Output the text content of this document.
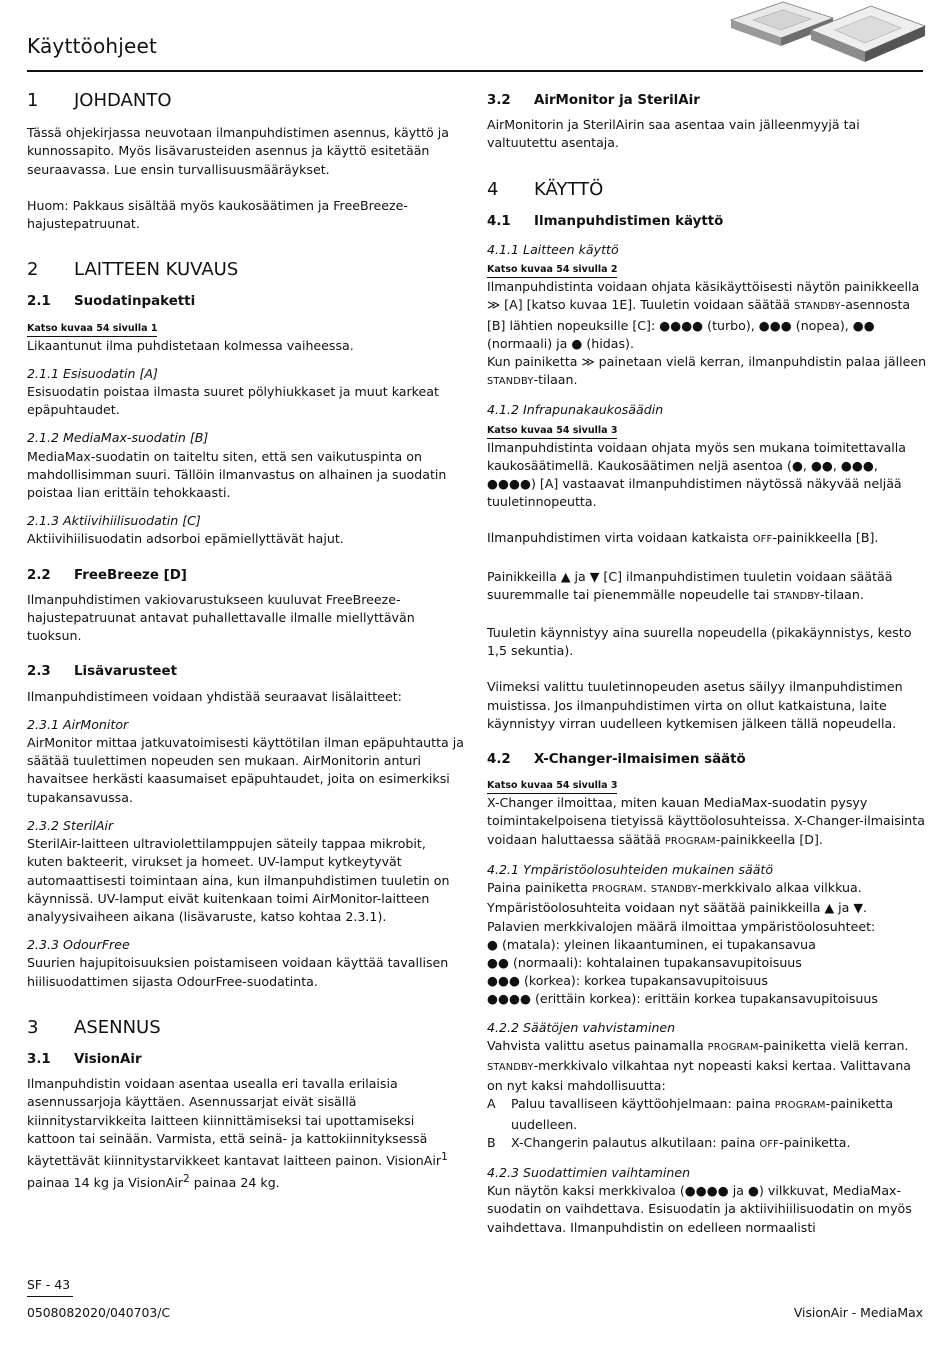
Käyttöohjeet
1	JOHDANTO

Tässä ohjekirjassa neuvotaan ilmanpuhdistimen asennus, käyttö ja kunnossapito. Myös lisävarusteiden asennus ja käyttö esitetään seuraavassa. Lue ensin turvallisuusmääräykset.

Huom: Pakkaus sisältää myös kaukosäätimen ja FreeBreeze-hajustepatruunat.

2	LAITTEEN KUVAUS
2.1	Suodatinpaketti
Katso kuvaa 54 sivulla 1

Likaantunut ilma puhdistetaan kolmessa vaiheessa.

2.1.1 Esisuodatin [A]

Esisuodatin poistaa ilmasta suuret pölyhiukkaset ja muut karkeat epäpuhtaudet.

2.1.2 MediaMax-suodatin [B]

MediaMax-suodatin on taiteltu siten, että sen vaikutuspinta on mahdollisimman suuri. Tällöin ilmanvastus on alhainen ja suodatin poistaa lian erittäin tehokkaasti.

2.1.3 Aktiivihiilisuodatin [C]

Aktiivihiilisuodatin adsorboi epämiellyttävät hajut.

2.2	FreeBreeze [D]

Ilmanpuhdistimen vakiovarustukseen kuuluvat FreeBreeze-hajustepatruunat antavat puhallettavalle ilmalle miellyttävän tuoksun.

2.3	Lisävarusteet

Ilmanpuhdistimeen voidaan yhdistää seuraavat lisälaitteet:

2.3.1 AirMonitor

AirMonitor mittaa jatkuvatoimisesti käyttötilan ilman epäpuhtautta ja säätää tuulettimen nopeuden sen mukaan. AirMonitorin anturi havaitsee herkästi kaasumaiset epäpuhtaudet, joita on esimerkiksi tupakansavussa.

2.3.2 SterilAir

SterilAir-laitteen ultraviolettilamppujen säteily tappaa mikrobit, kuten bakteerit, virukset ja homeet. UV-lamput kytkeytyvät automaattisesti toimintaan aina, kun ilmanpuhdistimen tuuletin on käynnissä. UV-lamput eivät kuitenkaan toimi AirMonitor-laitteen analyysivaiheen aikana (lisävaruste, katso kohtaa 2.3.1).

2.3.3 OdourFree

Suurien hajupitoisuuksien poistamiseen voidaan käyttää tavallisen hiilisuodattimen sijasta OdourFree-suodatinta.

3	ASENNUS
3.1	VisionAir

Ilmanpuhdistin voidaan asentaa usealla eri tavalla erilaisia asennussarjoja käyttäen. Asennussarjat eivät sisällä kiinnitystarvikkeita laitteen kiinnittämiseksi tai upottamiseksi kattoon tai seinään. Varmista, että seinä- ja kattokiinnityksessä käytettävät kiinnitystarvikkeet kantavat laitteen painon. VisionAir$^1$ painaa 14 kg ja VisionAir$^2$ painaa 24 kg.

3.2	AirMonitor ja SterilAir

AirMonitorin ja SterilAirin saa asentaa vain jälleenmyyjä tai valtuutettu asentaja.

4	KÄYTTÖ
4.1	Ilmanpuhdistimen käyttö

4.1.1 Laitteen käyttö

Katso kuvaa 54 sivulla 2

Ilmanpuhdistinta voidaan ohjata käsikäyttöisesti näytön painikkeella ≫ [A] [katso kuvaa 1E]. Tuuletin voidaan säätää STANDBY-asennosta [B] lähtien nopeuksille [C]: ●●●● (turbo), ●●● (nopea), ●● (normaali) ja ● (hidas).

Kun painiketta ≫ painetaan vielä kerran, ilmanpuhdistin palaa jälleen STANDBY-tilaan.

4.1.2 Infrapunakaukosäädin

Katso kuvaa 54 sivulla 3

Ilmanpuhdistinta voidaan ohjata myös sen mukana toimitettavalla kaukosäätimellä. Kaukosäätimen neljä asentoa (●, ●●, ●●●, ●●●●) [A] vastaavat ilmanpuhdistimen näytössä näkyvää neljää tuuletinnopeutta.

Ilmanpuhdistimen virta voidaan katkaista OFF-painikkeella [B].

Painikkeilla ▲ ja ▼ [C] ilmanpuhdistimen tuuletin voidaan säätää suuremmalle tai pienemmälle nopeudelle tai STANDBY-tilaan.

Tuuletin käynnistyy aina suurella nopeudella (pikakäynnistys, kesto 1,5 sekuntia).

Viimeksi valittu tuuletinnopeuden asetus säilyy ilmanpuhdistimen muistissa. Jos ilmanpuhdistimen virta on ollut katkaistuna, laite käynnistyy virran uudelleen kytkemisen jälkeen tällä nopeudella.

4.2	X-Changer-ilmaisimen säätö
Katso kuvaa 54 sivulla 3

X-Changer ilmoittaa, miten kauan MediaMax-suodatin pysyy toimintakelpoisena tietyissä käyttöolosuhteissa. X-Changer-ilmaisinta voidaan haluttaessa säätää PROGRAM-painikkeella [D].

4.2.1 Ympäristöolosuhteiden mukainen säätö

Paina painiketta PROGRAM. STANDBY-merkkivalo alkaa vilkkua.

Ympäristöolosuhteita voidaan nyt säätää painikkeilla ▲ ja ▼.

Palavien merkkivalojen määrä ilmoittaa ympäristöolosuhteet:

● (matala): yleinen likaantuminen, ei tupakansavua

●● (normaali): kohtalainen tupakansavupitoisuus

●●● (korkea): korkea tupakansavupitoisuus

●●●● (erittäin korkea): erittäin korkea tupakansavupitoisuus

4.2.2 Säätöjen vahvistaminen

Vahvista valittu asetus painamalla PROGRAM-painiketta vielä kerran. STANDBY-merkkivalo vilkahtaa nyt nopeasti kaksi kertaa. Valittavana on nyt kaksi mahdollisuutta:

A	Paluu tavalliseen käyttöohjelmaan: paina PROGRAM-painiketta uudelleen.
B	X-Changerin palautus alkutilaan: paina OFF-painiketta.

4.2.3 Suodattimien vaihtaminen

Kun näytön kaksi merkkivaloa (●●●● ja ●) vilkkuvat, MediaMax-suodatin on vaihdettava. Esisuodatin ja aktiivihiilisuodatin on myös vaihdettava. Ilmanpuhdistin on edelleen normaalisti

SF - 43
0508082020/040703/C	VisionAir - MediaMax
